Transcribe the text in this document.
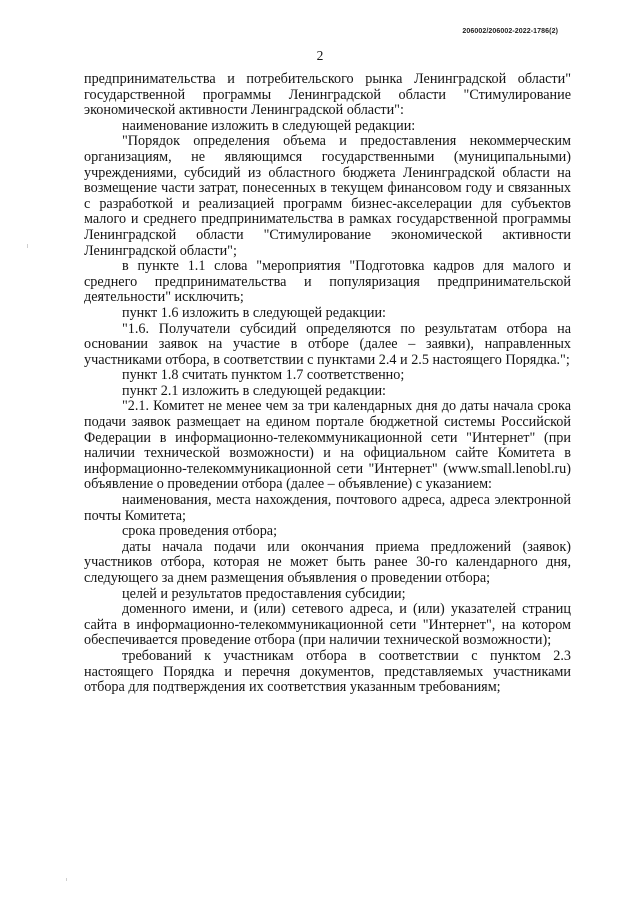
206002/206002-2022-1786(2)
2

предпринимательства и потребительского рынка Ленинградской области" государственной программы Ленинградской области "Стимулирование экономической активности Ленинградской области":

наименование изложить в следующей редакции:

"Порядок определения объема и предоставления некоммерческим организациям, не являющимся государственными (муниципальными) учреждениями, субсидий из областного бюджета Ленинградской области на возмещение части затрат, понесенных в текущем финансовом году и связанных с разработкой и реализацией программ бизнес-акселерации для субъектов малого и среднего предпринимательства в рамках государственной программы Ленинградской области "Стимулирование экономической активности Ленинградской области";

в пункте 1.1 слова "мероприятия "Подготовка кадров для малого и среднего предпринимательства и популяризация предпринимательской деятельности" исключить;

пункт 1.6 изложить в следующей редакции:

"1.6. Получатели субсидий определяются по результатам отбора на основании заявок на участие в отборе (далее – заявки), направленных участниками отбора, в соответствии с пунктами 2.4 и 2.5 настоящего Порядка.";

пункт 1.8 считать пунктом 1.7 соответственно;

пункт 2.1 изложить в следующей редакции:

"2.1. Комитет не менее чем за три календарных дня до даты начала срока подачи заявок размещает на едином портале бюджетной системы Российской Федерации в информационно-телекоммуникационной сети "Интернет" (при наличии технической возможности) и на официальном сайте Комитета в информационно-телекоммуникационной сети "Интернет" (www.small.lenobl.ru) объявление о проведении отбора (далее – объявление) с указанием:

наименования, места нахождения, почтового адреса, адреса электронной почты Комитета;

срока проведения отбора;

даты начала подачи или окончания приема предложений (заявок) участников отбора, которая не может быть ранее 30-го календарного дня, следующего за днем размещения объявления о проведении отбора;

целей и результатов предоставления субсидии;

доменного имени, и (или) сетевого адреса, и (или) указателей страниц сайта в информационно-телекоммуникационной сети "Интернет", на котором обеспечивается проведение отбора (при наличии технической возможности);

требований к участникам отбора в соответствии с пунктом 2.3 настоящего Порядка и перечня документов, представляемых участниками отбора для подтверждения их соответствия указанным требованиям;
